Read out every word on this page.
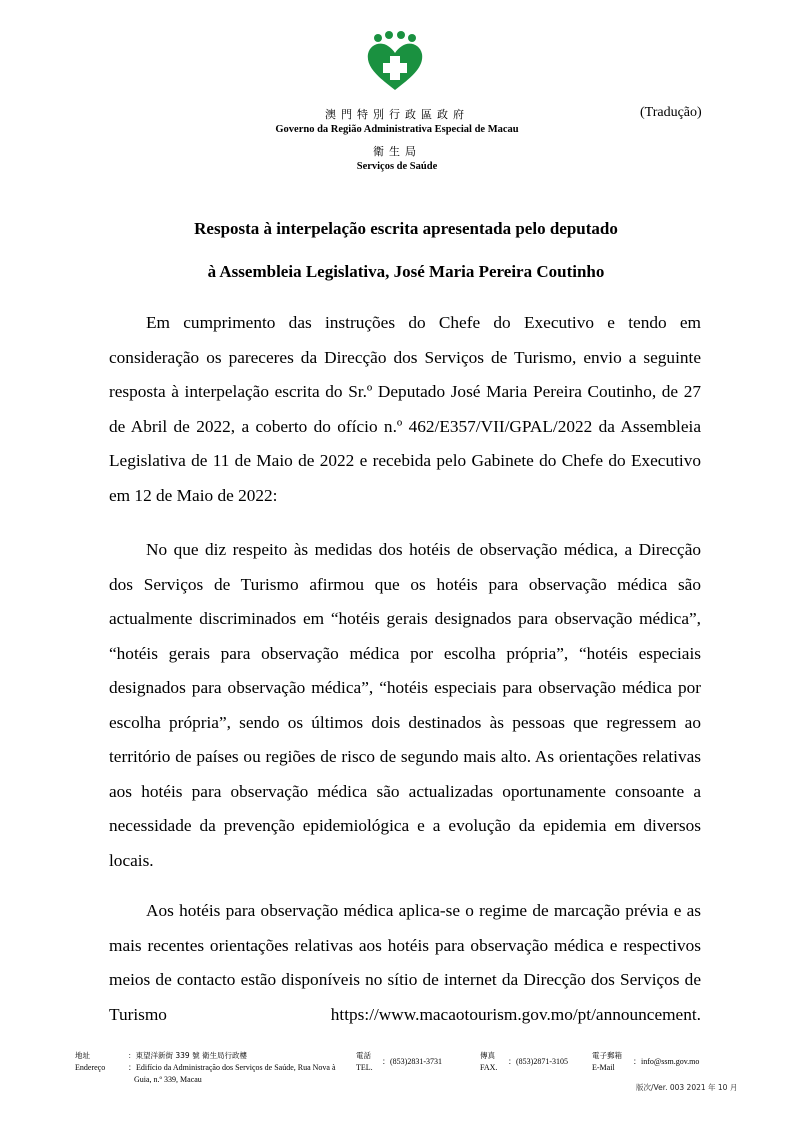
澳門特別行政區政府
Governo da Região Administrativa Especial de Macau
衛生局
Serviços de Saúde
(Tradução)
Resposta à interpelação escrita apresentada pelo deputado
à Assembleia Legislativa, José Maria Pereira Coutinho

Em cumprimento das instruções do Chefe do Executivo e tendo em consideração os pareceres da Direcção dos Serviços de Turismo, envio a seguinte resposta à interpelação escrita do Sr.º Deputado José Maria Pereira Coutinho, de 27 de Abril de 2022, a coberto do ofício n.º 462/E357/VII/GPAL/2022 da Assembleia Legislativa de 11 de Maio de 2022 e recebida pelo Gabinete do Chefe do Executivo em 12 de Maio de 2022:

No que diz respeito às medidas dos hotéis de observação médica, a Direcção dos Serviços de Turismo afirmou que os hotéis para observação médica são actualmente discriminados em “hotéis gerais designados para observação médica”, “hotéis gerais para observação médica por escolha própria”, “hotéis especiais designados para observação médica”, “hotéis especiais para observação médica por escolha própria”, sendo os últimos dois destinados às pessoas que regressem ao território de países ou regiões de risco de segundo mais alto. As orientações relativas aos hotéis para observação médica são actualizadas oportunamente consoante a necessidade da prevenção epidemiológica e a evolução da epidemia em diversos locais.

Aos hotéis para observação médica aplica-se o regime de marcação prévia e as mais recentes orientações relativas aos hotéis para observação médica e respectivos meios de contacto estão disponíveis no sítio de internet da Direcção dos Serviços de Turismo https://www.macaotourism.gov.mo/pt/announcement.

地址
Endereço
：東望洋新街 339 號 衛生局行政樓
：Edifício da Administração dos Serviços de Saúde, Rua Nova à
Guia, n.º 339, Macau
電話
TEL.
：(853)2831-3731
傳真
FAX.
：(853)2871-3105
電子郵箱
E-Mail
：info@ssm.gov.mo
版次/Ver. 003 2021 年 10 月
